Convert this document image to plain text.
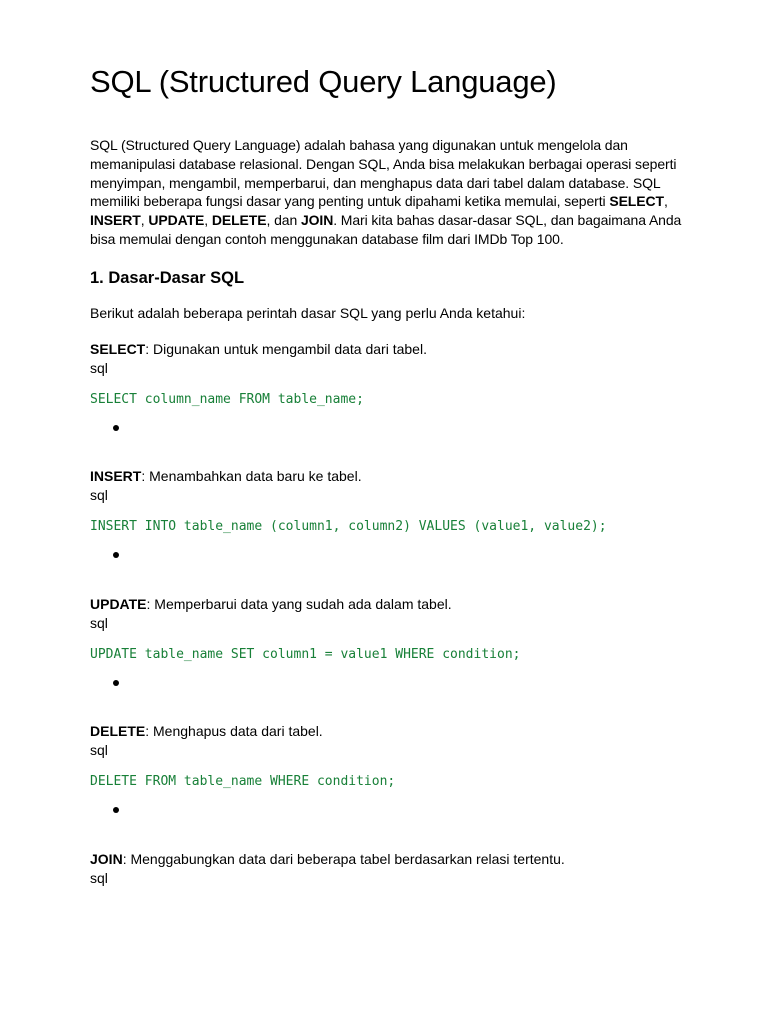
SQL (Structured Query Language)

SQL (Structured Query Language) adalah bahasa yang digunakan untuk mengelola dan memanipulasi database relasional. Dengan SQL, Anda bisa melakukan berbagai operasi seperti menyimpan, mengambil, memperbarui, dan menghapus data dari tabel dalam database. SQL memiliki beberapa fungsi dasar yang penting untuk dipahami ketika memulai, seperti SELECT, INSERT, UPDATE, DELETE, dan JOIN. Mari kita bahas dasar-dasar SQL, dan bagaimana Anda bisa memulai dengan contoh menggunakan database film dari IMDb Top 100.

1. Dasar-Dasar SQL

Berikut adalah beberapa perintah dasar SQL yang perlu Anda ketahui:

SELECT: Digunakan untuk mengambil data dari tabel.

sql

SELECT column_name FROM table_name;

INSERT: Menambahkan data baru ke tabel.

sql

INSERT INTO table_name (column1, column2) VALUES (value1, value2);

UPDATE: Memperbarui data yang sudah ada dalam tabel.

sql

UPDATE table_name SET column1 = value1 WHERE condition;

DELETE: Menghapus data dari tabel.

sql

DELETE FROM table_name WHERE condition;

JOIN: Menggabungkan data dari beberapa tabel berdasarkan relasi tertentu.

sql
